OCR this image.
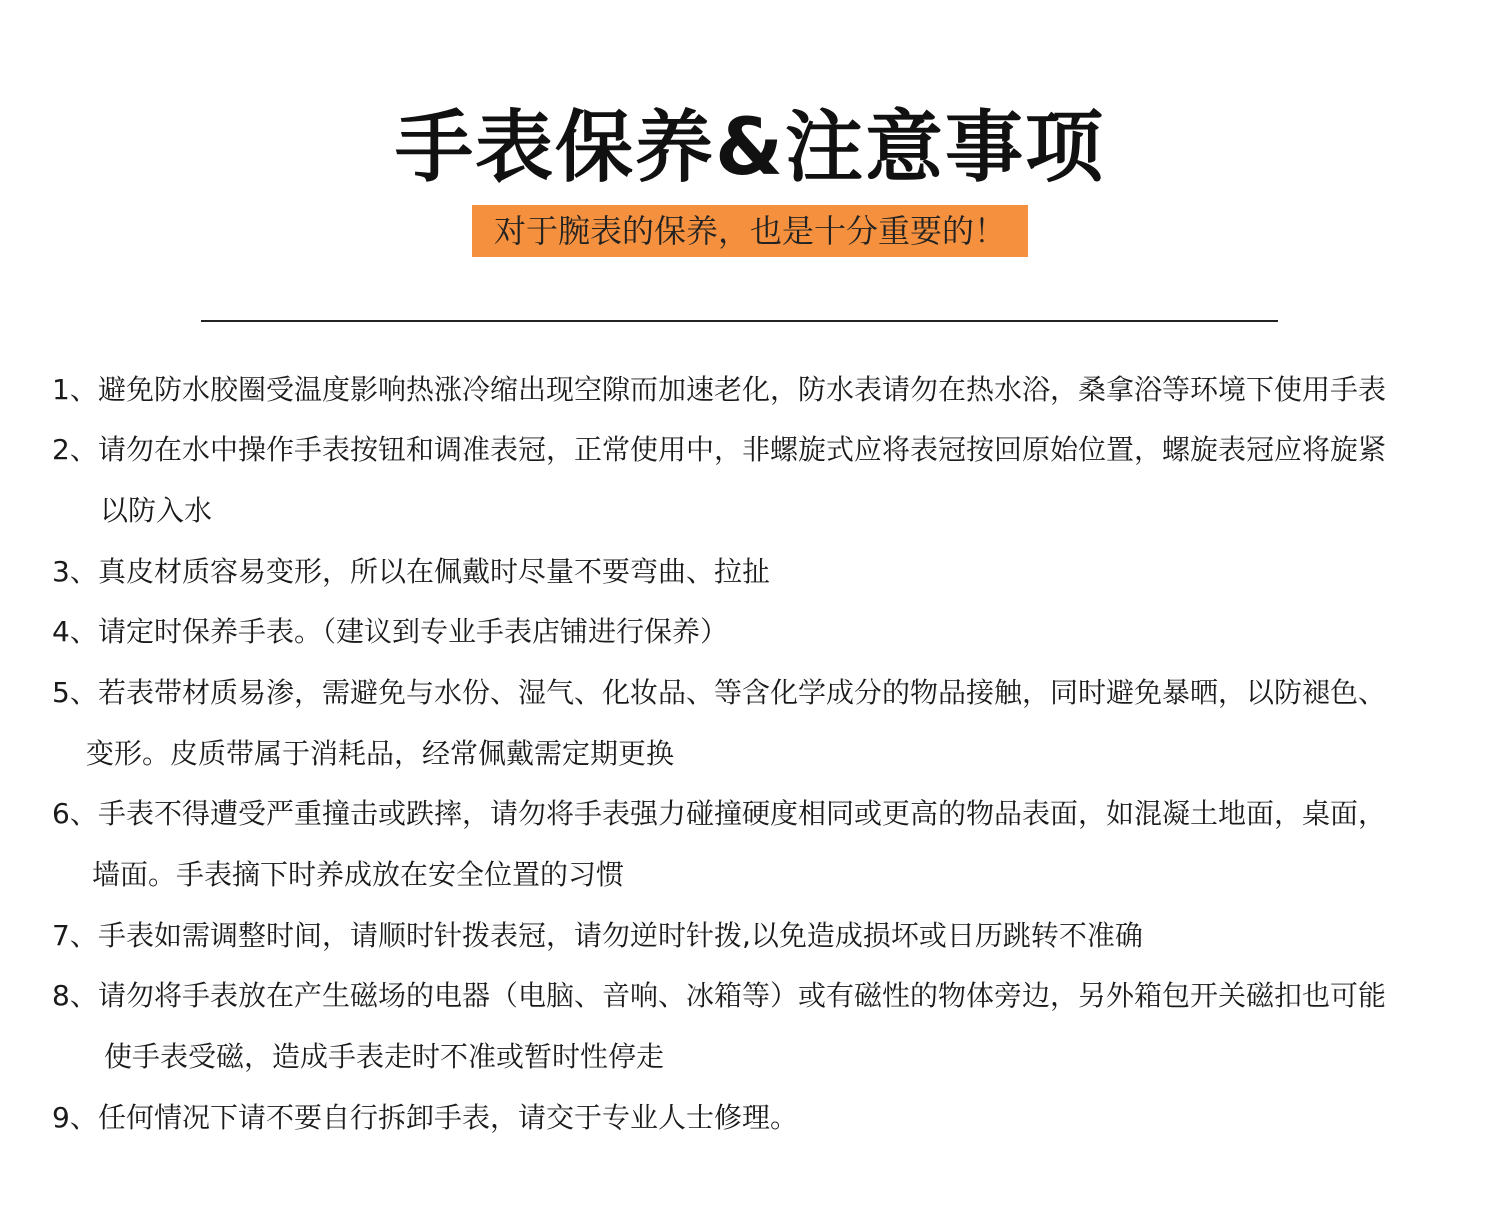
手表保养&注意事项
对于腕表的保养，也是十分重要的！
1、避免防水胶圈受温度影响热涨冷缩出现空隙而加速老化，防水表请勿在热水浴，桑拿浴等环境下使用手表
2、请勿在水中操作手表按钮和调准表冠，正常使用中，非螺旋式应将表冠按回原始位置，螺旋表冠应将旋紧
以防入水
3、真皮材质容易变形，所以在佩戴时尽量不要弯曲、拉扯
4、请定时保养手表。（建议到专业手表店铺进行保养）
5、若表带材质易渗，需避免与水份、湿气、化妆品、等含化学成分的物品接触，同时避免暴晒，以防褪色、
变形。皮质带属于消耗品，经常佩戴需定期更换
6、手表不得遭受严重撞击或跌摔，请勿将手表强力碰撞硬度相同或更高的物品表面，如混凝土地面，桌面，
墙面。手表摘下时养成放在安全位置的习惯
7、手表如需调整时间，请顺时针拨表冠，请勿逆时针拨,以免造成损坏或日历跳转不准确
8、请勿将手表放在产生磁场的电器（电脑、音响、冰箱等）或有磁性的物体旁边，另外箱包开关磁扣也可能
使手表受磁，造成手表走时不准或暂时性停走
9、任何情况下请不要自行拆卸手表，请交于专业人士修理。
